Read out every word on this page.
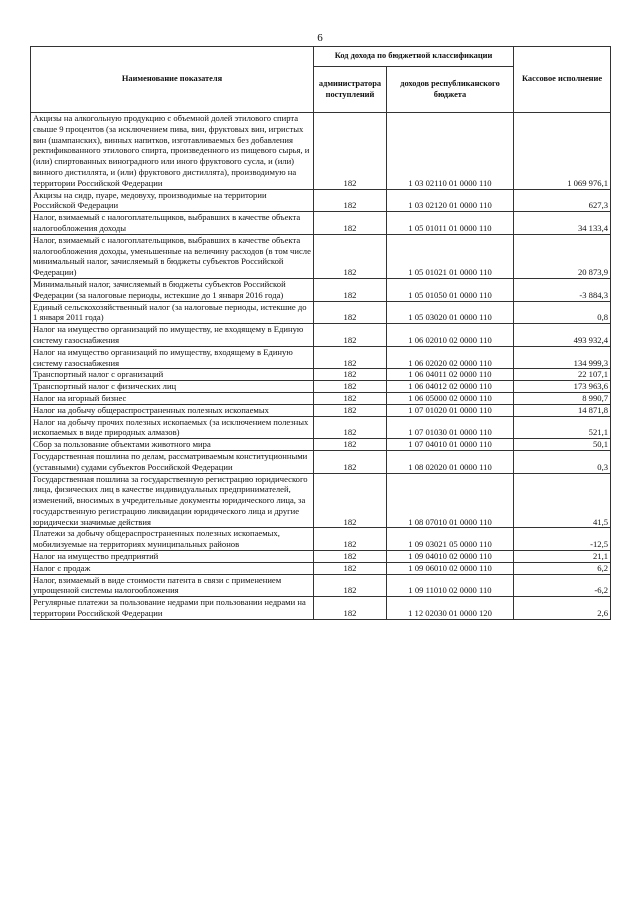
6
Наименование показателя	Код дохода по бюджетной классификации		Кассовое исполнение
	администратора поступлений	доходов республиканского бюджета	
Акцизы на алкогольную продукцию с объемной долей этилового спирта свыше 9 процентов (за исключением пива, вин, фруктовых вин, игристых вин (шампанских), винных напитков, изготавливаемых без добавления ректификованного этилового спирта, произведенного из пищевого сырья, и (или) спиртованных виноградного или иного фруктового сусла, и (или) винного дистиллята, и (или) фруктового дистиллята), производимую на территории Российской Федерации	182	1 03 02110 01 0000 110	1 069 976,1
Акцизы на сидр, пуаре, медовуху, производимые на территории Российской Федерации	182	1 03 02120 01 0000 110	627,3
Налог, взимаемый с налогоплательщиков, выбравших в качестве объекта налогообложения доходы	182	1 05 01011 01 0000 110	34 133,4
Налог, взимаемый с налогоплательщиков, выбравших в качестве объекта налогообложения доходы, уменьшенные на величину расходов (в том числе минимальный налог, зачисляемый в бюджеты субъектов Российской Федерации)	182	1 05 01021 01 0000 110	20 873,9
Минимальный налог, зачисляемый в бюджеты субъектов Российской Федерации (за налоговые периоды, истекшие до 1 января 2016 года)	182	1 05 01050 01 0000 110	-3 884,3
Единый сельскохозяйственный налог (за налоговые периоды, истекшие до 1 января 2011 года)	182	1 05 03020 01 0000 110	0,8
Налог на имущество организаций по имуществу, не входящему в Единую систему газоснабжения	182	1 06 02010 02 0000 110	493 932,4
Налог на имущество организаций по имуществу, входящему в Единую систему газоснабжения	182	1 06 02020 02 0000 110	134 999,3
Транспортный налог с организаций	182	1 06 04011 02 0000 110	22 107,1
Транспортный налог с физических лиц	182	1 06 04012 02 0000 110	173 963,6
Налог на игорный бизнес	182	1 06 05000 02 0000 110	8 990,7
Налог на добычу общераспространенных полезных ископаемых	182	1 07 01020 01 0000 110	14 871,8
Налог на добычу прочих полезных ископаемых (за исключением полезных ископаемых в виде природных алмазов)	182	1 07 01030 01 0000 110	521,1
Сбор за пользование объектами животного мира	182	1 07 04010 01 0000 110	50,1
Государственная пошлина по делам, рассматриваемым конституционными (уставными) судами субъектов Российской Федерации	182	1 08 02020 01 0000 110	0,3
Государственная пошлина за государственную регистрацию юридического лица, физических лиц в качестве индивидуальных предпринимателей, изменений, вносимых в учредительные документы юридического лица, за государственную регистрацию ликвидации юридического лица и другие юридически значимые действия	182	1 08 07010 01 0000 110	41,5
Платежи за добычу общераспространенных полезных ископаемых, мобилизуемые на территориях муниципальных районов	182	1 09 03021 05 0000 110	-12,5
Налог на имущество предприятий	182	1 09 04010 02 0000 110	21,1
Налог с продаж	182	1 09 06010 02 0000 110	6,2
Налог, взимаемый в виде стоимости патента в связи с применением упрощенной системы налогообложения	182	1 09 11010 02 0000 110	-6,2
Регулярные платежи за пользование недрами при пользовании недрами на территории Российской Федерации	182	1 12 02030 01 0000 120	2,6
